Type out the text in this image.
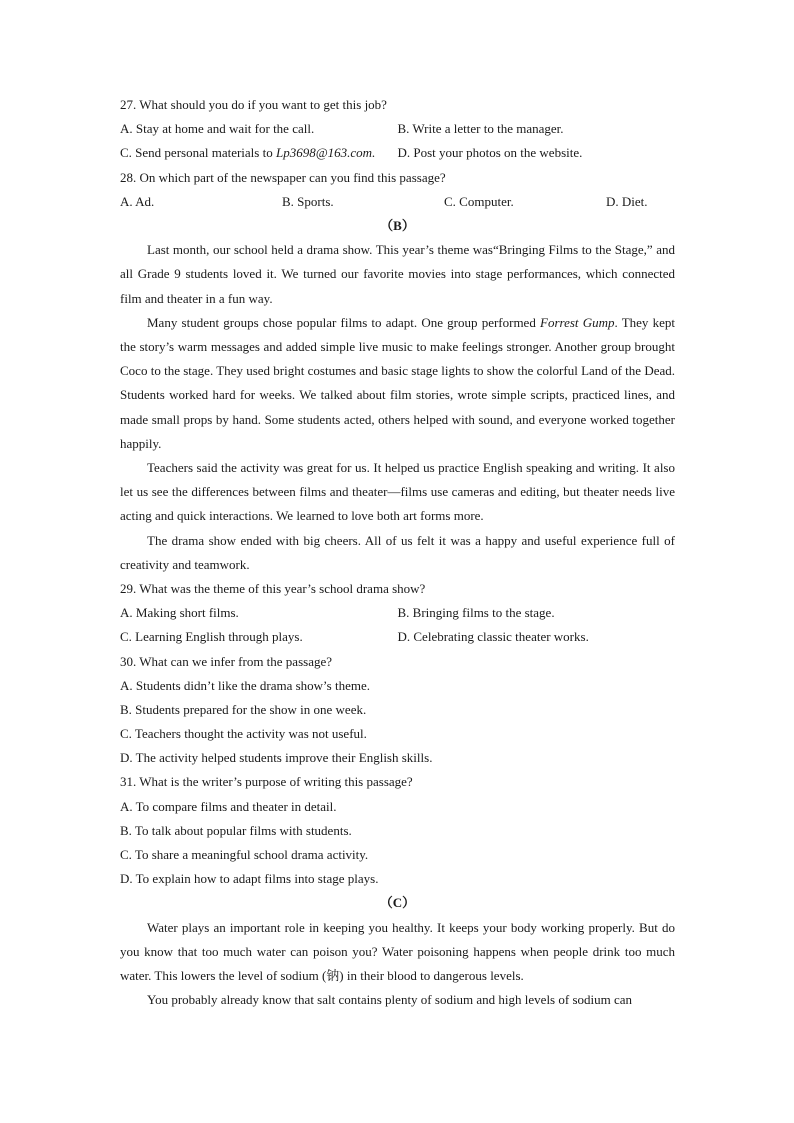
27. What should you do if you want to get this job?
A. Stay at home and wait for the call.	B. Write a letter to the manager.
C. Send personal materials to Lp3698@163.com.	D. Post your photos on the website.
28. On which part of the newspaper can you find this passage?
A. Ad.	B. Sports.	C. Computer.	D. Diet.
（B）

Last month, our school held a drama show. This year’s theme was“Bringing Films to the Stage,” and all Grade 9 students loved it. We turned our favorite movies into stage performances, which connected film and theater in a fun way.

Many student groups chose popular films to adapt. One group performed Forrest Gump. They kept the story’s warm messages and added simple live music to make feelings stronger. Another group brought Coco to the stage. They used bright costumes and basic stage lights to show the colorful Land of the Dead. Students worked hard for weeks. We talked about film stories, wrote simple scripts, practiced lines, and made small props by hand. Some students acted, others helped with sound, and everyone worked together happily.

Teachers said the activity was great for us. It helped us practice English speaking and writing. It also let us see the differences between films and theater—films use cameras and editing, but theater needs live acting and quick interactions. We learned to love both art forms more.

The drama show ended with big cheers. All of us felt it was a happy and useful experience full of creativity and teamwork.

29. What was the theme of this year’s school drama show?
A. Making short films.	B. Bringing films to the stage.
C. Learning English through plays.	D. Celebrating classic theater works.
30. What can we infer from the passage?
A. Students didn’t like the drama show’s theme.
B. Students prepared for the show in one week.
C. Teachers thought the activity was not useful.
D. The activity helped students improve their English skills.
31. What is the writer’s purpose of writing this passage?
A. To compare films and theater in detail.
B. To talk about popular films with students.
C. To share a meaningful school drama activity.
D. To explain how to adapt films into stage plays.
（C）

Water plays an important role in keeping you healthy. It keeps your body working properly. But do you know that too much water can poison you? Water poisoning happens when people drink too much water. This lowers the level of sodium (钠) in their blood to dangerous levels.

You probably already know that salt contains plenty of sodium and high levels of sodium can
